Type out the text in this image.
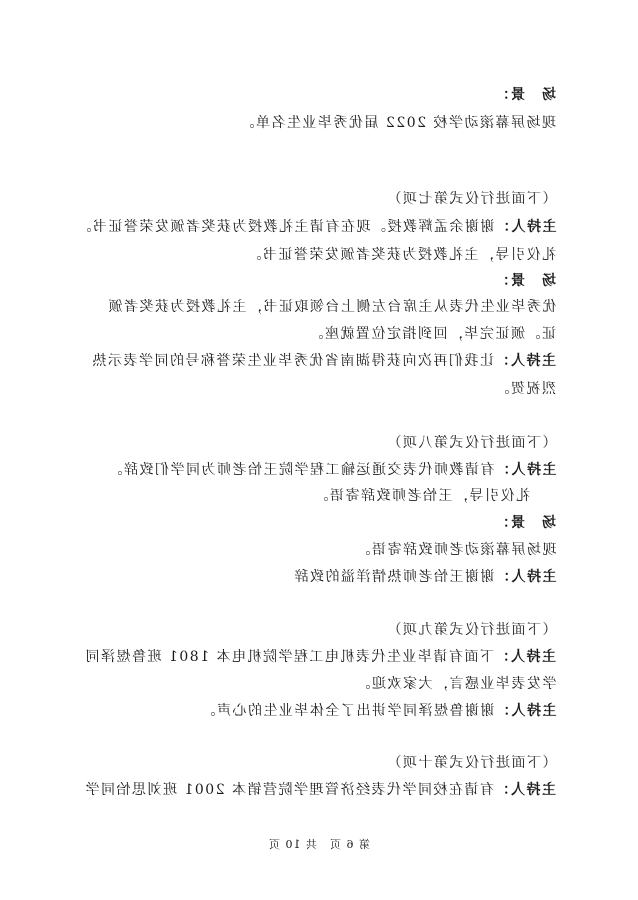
场　景：
现场屏幕滚动学校 2022 届优秀毕业生名单。
（下面进行仪式第七项）
主持人：谢谢余孟辉教授。现在有请主礼教授为获奖者颁发荣誉证书。
礼仪引导，主礼教授为获奖者颁发荣誉证书。
场　景：
优秀毕业生代表从主席台左侧上台领取证书，主礼教授为获奖者颁
证。颁证完毕，回到指定位置就座。
主持人：让我们再次向获得湖南省优秀毕业生荣誉称号的同学表示热
烈祝贺。
（下面进行仪式第八项）
主持人：有请教师代表交通运输工程学院王怡老师为同学们致辞。
礼仪引导，王怡老师致辞寄语。
场　景：
现场屏幕滚动老师致辞寄语。
主持人：谢谢王怡老师热情洋溢的致辞
（下面进行仪式第九项）
主持人：下面有请毕业生代表机电工程学院机电本 1801 班鲁煜泽同
学发表毕业感言，大家欢迎。
主持人：谢谢鲁煜泽同学讲出了全体毕业生的心声。
（下面进行仪式第十项）
主持人：有请在校同学代表经济管理学院营销本 2001 班刘思怡同学
第 6 页　共 10 页
